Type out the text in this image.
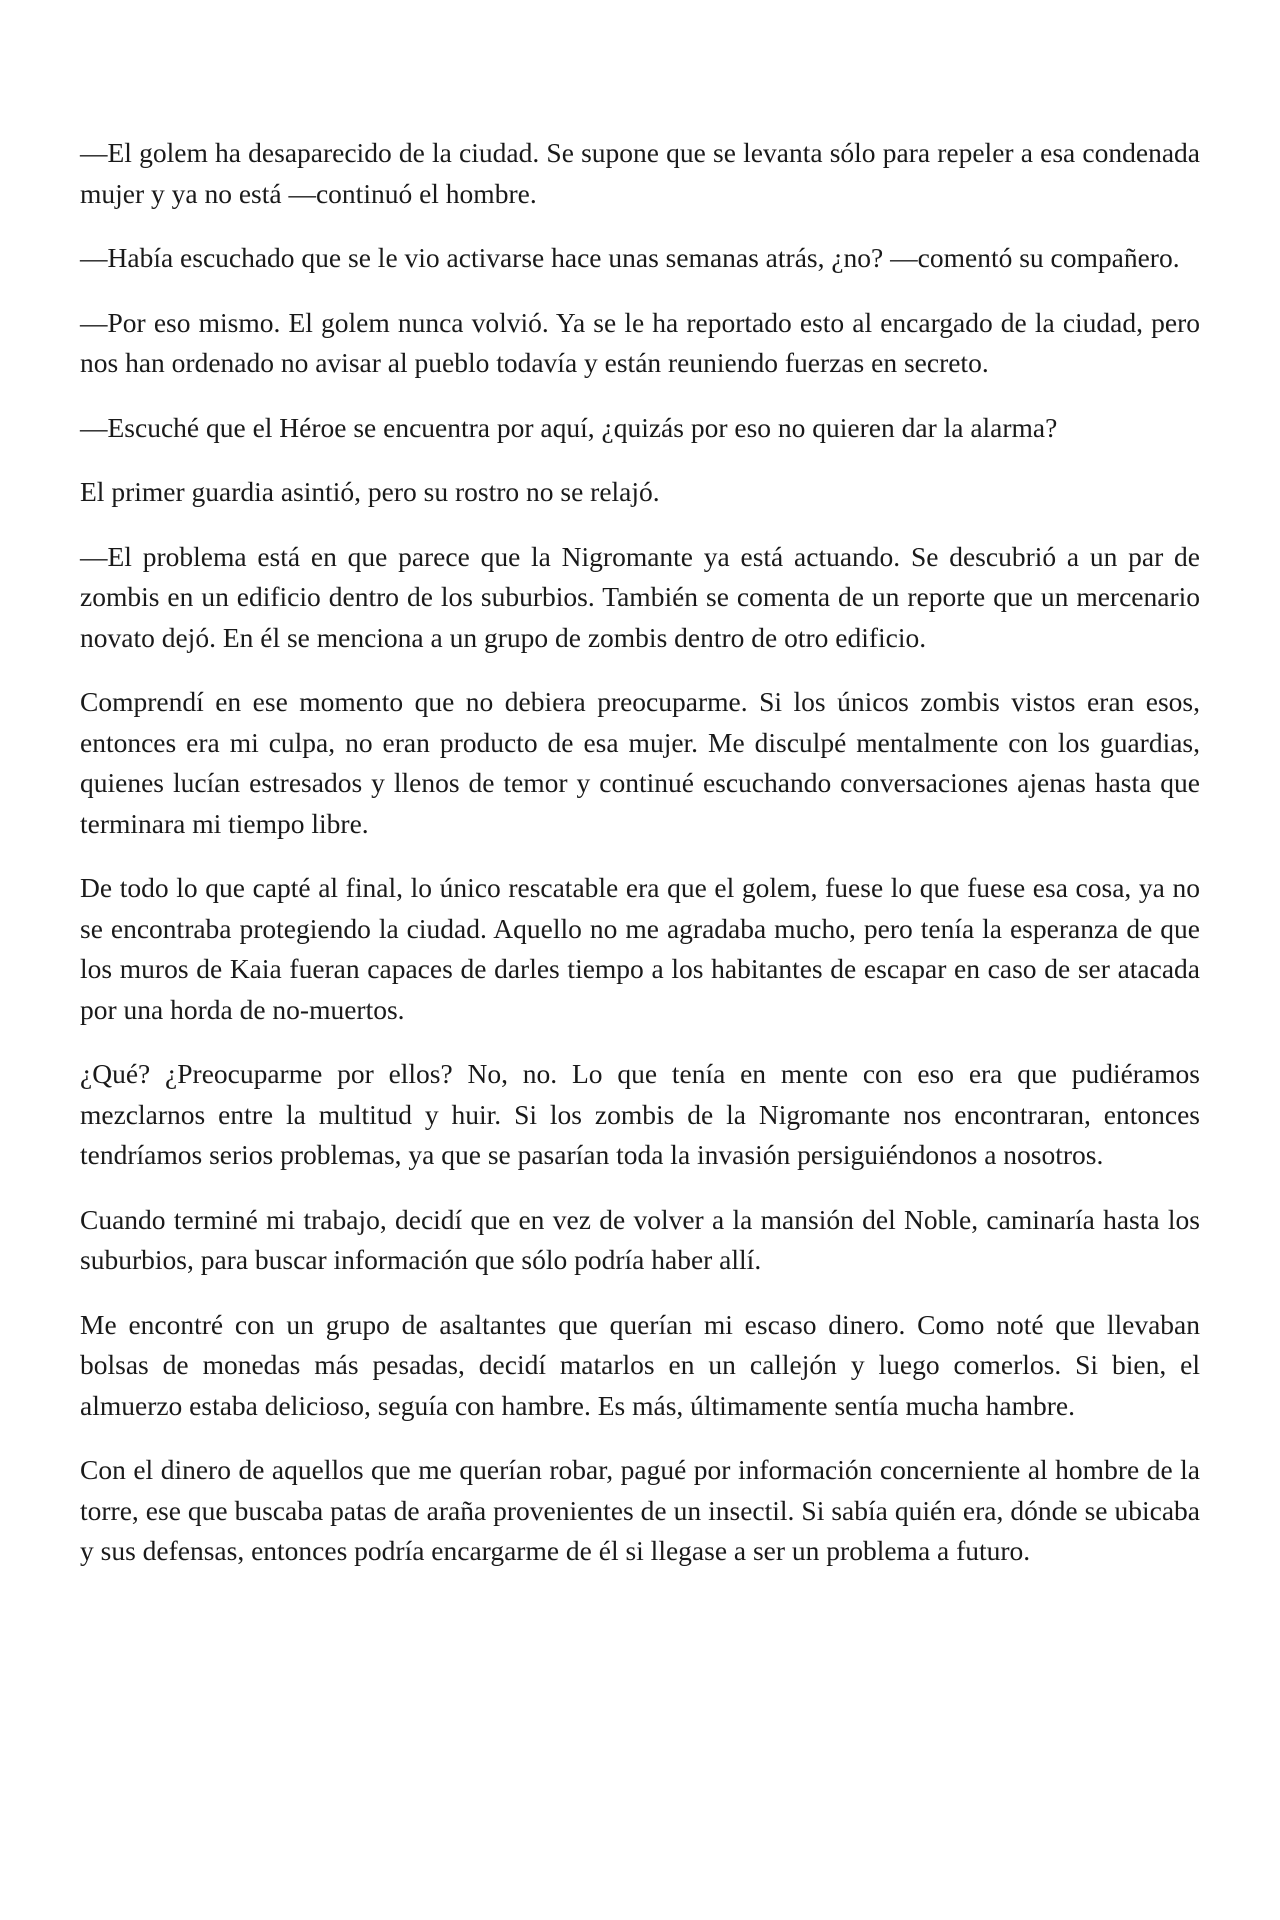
—El golem ha desaparecido de la ciudad. Se supone que se levanta sólo para repeler a esa condenada mujer y ya no está —continuó el hombre.

—Había escuchado que se le vio activarse hace unas semanas atrás, ¿no? —comentó su compañero.

—Por eso mismo. El golem nunca volvió. Ya se le ha reportado esto al encargado de la ciudad, pero nos han ordenado no avisar al pueblo todavía y están reuniendo fuerzas en secreto.

—Escuché que el Héroe se encuentra por aquí, ¿quizás por eso no quieren dar la alarma?

El primer guardia asintió, pero su rostro no se relajó.

—El problema está en que parece que la Nigromante ya está actuando. Se descubrió a un par de zombis en un edificio dentro de los suburbios. También se comenta de un reporte que un mercenario novato dejó. En él se menciona a un grupo de zombis dentro de otro edificio.

Comprendí en ese momento que no debiera preocuparme. Si los únicos zombis vistos eran esos, entonces era mi culpa, no eran producto de esa mujer. Me disculpé mentalmente con los guardias, quienes lucían estresados y llenos de temor y continué escuchando conversaciones ajenas hasta que terminara mi tiempo libre.

De todo lo que capté al final, lo único rescatable era que el golem, fuese lo que fuese esa cosa, ya no se encontraba protegiendo la ciudad. Aquello no me agradaba mucho, pero tenía la esperanza de que los muros de Kaia fueran capaces de darles tiempo a los habitantes de escapar en caso de ser atacada por una horda de no-muertos.

¿Qué? ¿Preocuparme por ellos? No, no. Lo que tenía en mente con eso era que pudiéramos mezclarnos entre la multitud y huir. Si los zombis de la Nigromante nos encontraran, entonces tendríamos serios problemas, ya que se pasarían toda la invasión persiguiéndonos a nosotros.

Cuando terminé mi trabajo, decidí que en vez de volver a la mansión del Noble, caminaría hasta los suburbios, para buscar información que sólo podría haber allí.

Me encontré con un grupo de asaltantes que querían mi escaso dinero. Como noté que llevaban bolsas de monedas más pesadas, decidí matarlos en un callejón y luego comerlos. Si bien, el almuerzo estaba delicioso, seguía con hambre. Es más, últimamente sentía mucha hambre.

Con el dinero de aquellos que me querían robar, pagué por información concerniente al hombre de la torre, ese que buscaba patas de araña provenientes de un insectil. Si sabía quién era, dónde se ubicaba y sus defensas, entonces podría encargarme de él si llegase a ser un problema a futuro.
